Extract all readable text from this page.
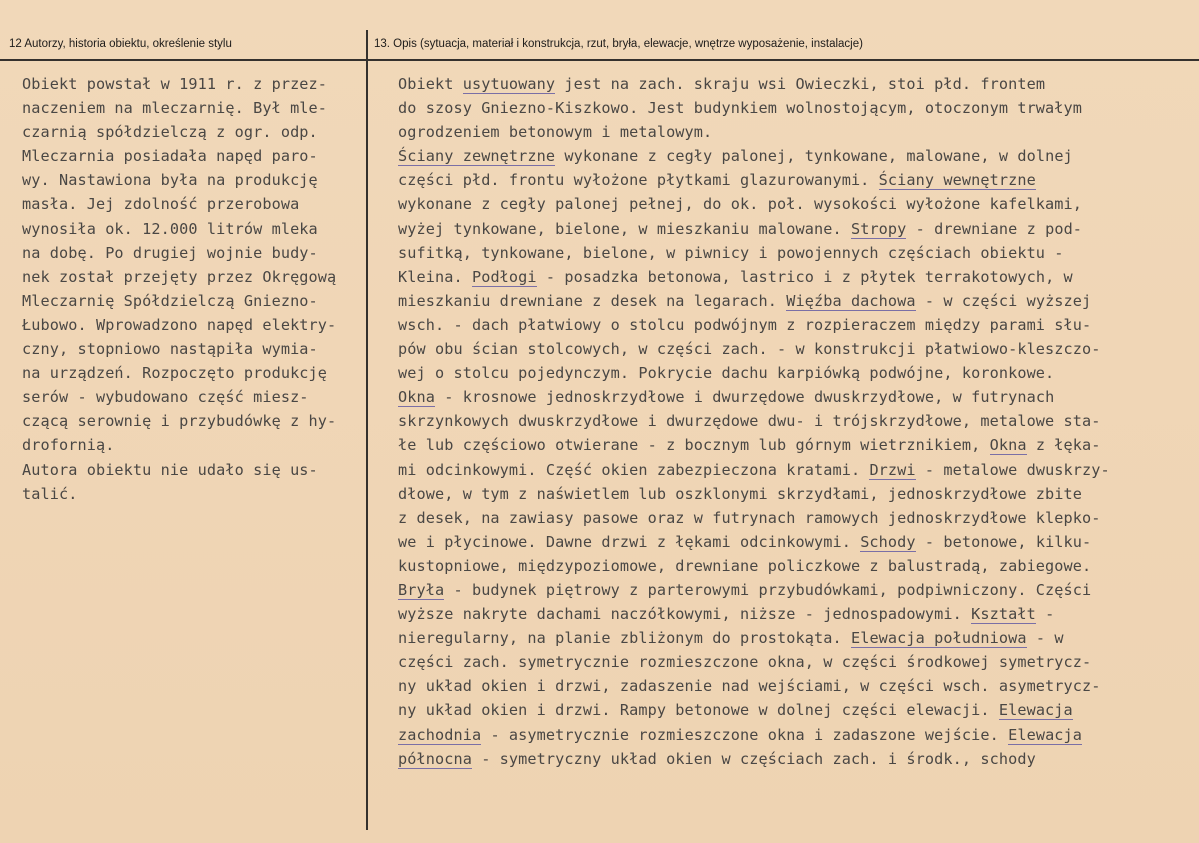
12 Autorzy, historia obiektu, określenie stylu	13. Opis (sytuacja, materiał i konstrukcja, rzut, bryła, elewacje, wnętrze wyposażenie, instalacje)
Obiekt powstał w 1911 r. z przez-
naczeniem na mleczarnię. Był mle-
czarnią spółdzielczą z ogr. odp.
Mleczarnia posiadała napęd paro-
wy. Nastawiona była na produkcję
masła. Jej zdolność przerobowa
wynosiła ok. 12.000 litrów mleka
na dobę. Po drugiej wojnie budy-
nek został przejęty przez Okręgową
Mleczarnię Spółdzielczą Gniezno-
Łubowo. Wprowadzono napęd elektry-
czny, stopniowo nastąpiła wymia-
na urządzeń. Rozpoczęto produkcję
serów - wybudowano część miesz-
czącą serownię i przybudówkę z hy-
drofornią.
Autora obiektu nie udało się us-
talić.
Obiekt usytuowany jest na zach. skraju wsi Owieczki, stoi płd. frontem
do szosy Gniezno-Kiszkowo. Jest budynkiem wolnostojącym, otoczonym trwałym
ogrodzeniem betonowym i metalowym.
Ściany zewnętrzne wykonane z cegły palonej, tynkowane, malowane, w dolnej
części płd. frontu wyłożone płytkami glazurowanymi. Ściany wewnętrzne
wykonane z cegły palonej pełnej, do ok. poł. wysokości wyłożone kafelkami,
wyżej tynkowane, bielone, w mieszkaniu malowane. Stropy - drewniane z pod-
sufitką, tynkowane, bielone, w piwnicy i powojennych częściach obiektu -
Kleina. Podłogi - posadzka betonowa, lastrico i z płytek terrakotowych, w
mieszkaniu drewniane z desek na legarach. Więźba dachowa - w części wyższej
wsch. - dach płatwiowy o stolcu podwójnym z rozpieraczem między parami słu-
pów obu ścian stolcowych, w części zach. - w konstrukcji płatwiowo-kleszczo-
wej o stolcu pojedynczym. Pokrycie dachu karpiówką podwójne, koronkowe.
Okna - krosnowe jednoskrzydłowe i dwurzędowe dwuskrzydłowe, w futrynach
skrzynkowych dwuskrzydłowe i dwurzędowe dwu- i trójskrzydłowe, metalowe sta-
łe lub częściowo otwierane - z bocznym lub górnym wietrznikiem, Okna z łęka-
mi odcinkowymi. Część okien zabezpieczona kratami. Drzwi - metalowe dwuskrzy-
dłowe, w tym z naświetlem lub oszklonymi skrzydłami, jednoskrzydłowe zbite
z desek, na zawiasy pasowe oraz w futrynach ramowych jednoskrzydłowe klepko-
we i płycinowe. Dawne drzwi z łękami odcinkowymi. Schody - betonowe, kilku-
kustopniowe, międzypoziomowe, drewniane policzkowe z balustradą, zabiegowe.
Bryła - budynek piętrowy z parterowymi przybudówkami, podpiwniczony. Części
wyższe nakryte dachami naczółkowymi, niższe - jednospadowymi. Kształt -
nieregularny, na planie zbliżonym do prostokąta. Elewacja południowa - w
części zach. symetrycznie rozmieszczone okna, w części środkowej symetrycz-
ny układ okien i drzwi, zadaszenie nad wejściami, w części wsch. asymetrycz-
ny układ okien i drzwi. Rampy betonowe w dolnej części elewacji. Elewacja
zachodnia - asymetrycznie rozmieszczone okna i zadaszone wejście. Elewacja
północna - symetryczny układ okien w częściach zach. i środk., schody
